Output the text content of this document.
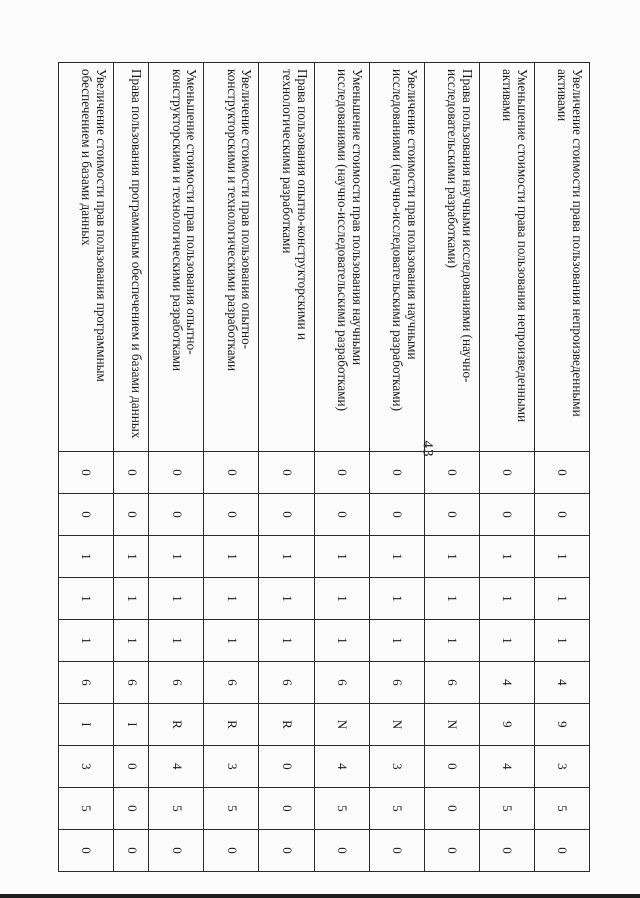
43
Увеличение стоимости права пользования непроизведенными активами	0	0	1	1	1	4	9	3	5	0
Уменьшение стоимости права пользования непроизведенными активами	0	0	1	1	1	4	9	4	5	0
Права пользования научными исследованиями (научно-исследовательскими разработками)	0	0	1	1	1	6	N	0	0	0
Увеличение стоимости прав пользования научными исследованиями (научно-исследовательскими разработками)	0	0	1	1	1	6	N	3	5	0
Уменьшение стоимости прав пользования научными исследованиями (научно-исследовательскими разработками)	0	0	1	1	1	6	N	4	5	0
Права пользования опытно-конструкторскими и технологическими разработками	0	0	1	1	1	6	R	0	0	0
Увеличение стоимости прав пользования опытно-конструкторскими и технологическими разработками	0	0	1	1	1	6	R	3	5	0
Уменьшение стоимости прав пользования опытно-конструкторскими и технологическими разработками	0	0	1	1	1	6	R	4	5	0
Права пользования программным обеспечением и базами данных	0	0	1	1	1	6	I	0	0	0
Увеличение стоимости прав пользования программным обеспечением и базами данных	0	0	1	1	1	6	I	3	5	0
